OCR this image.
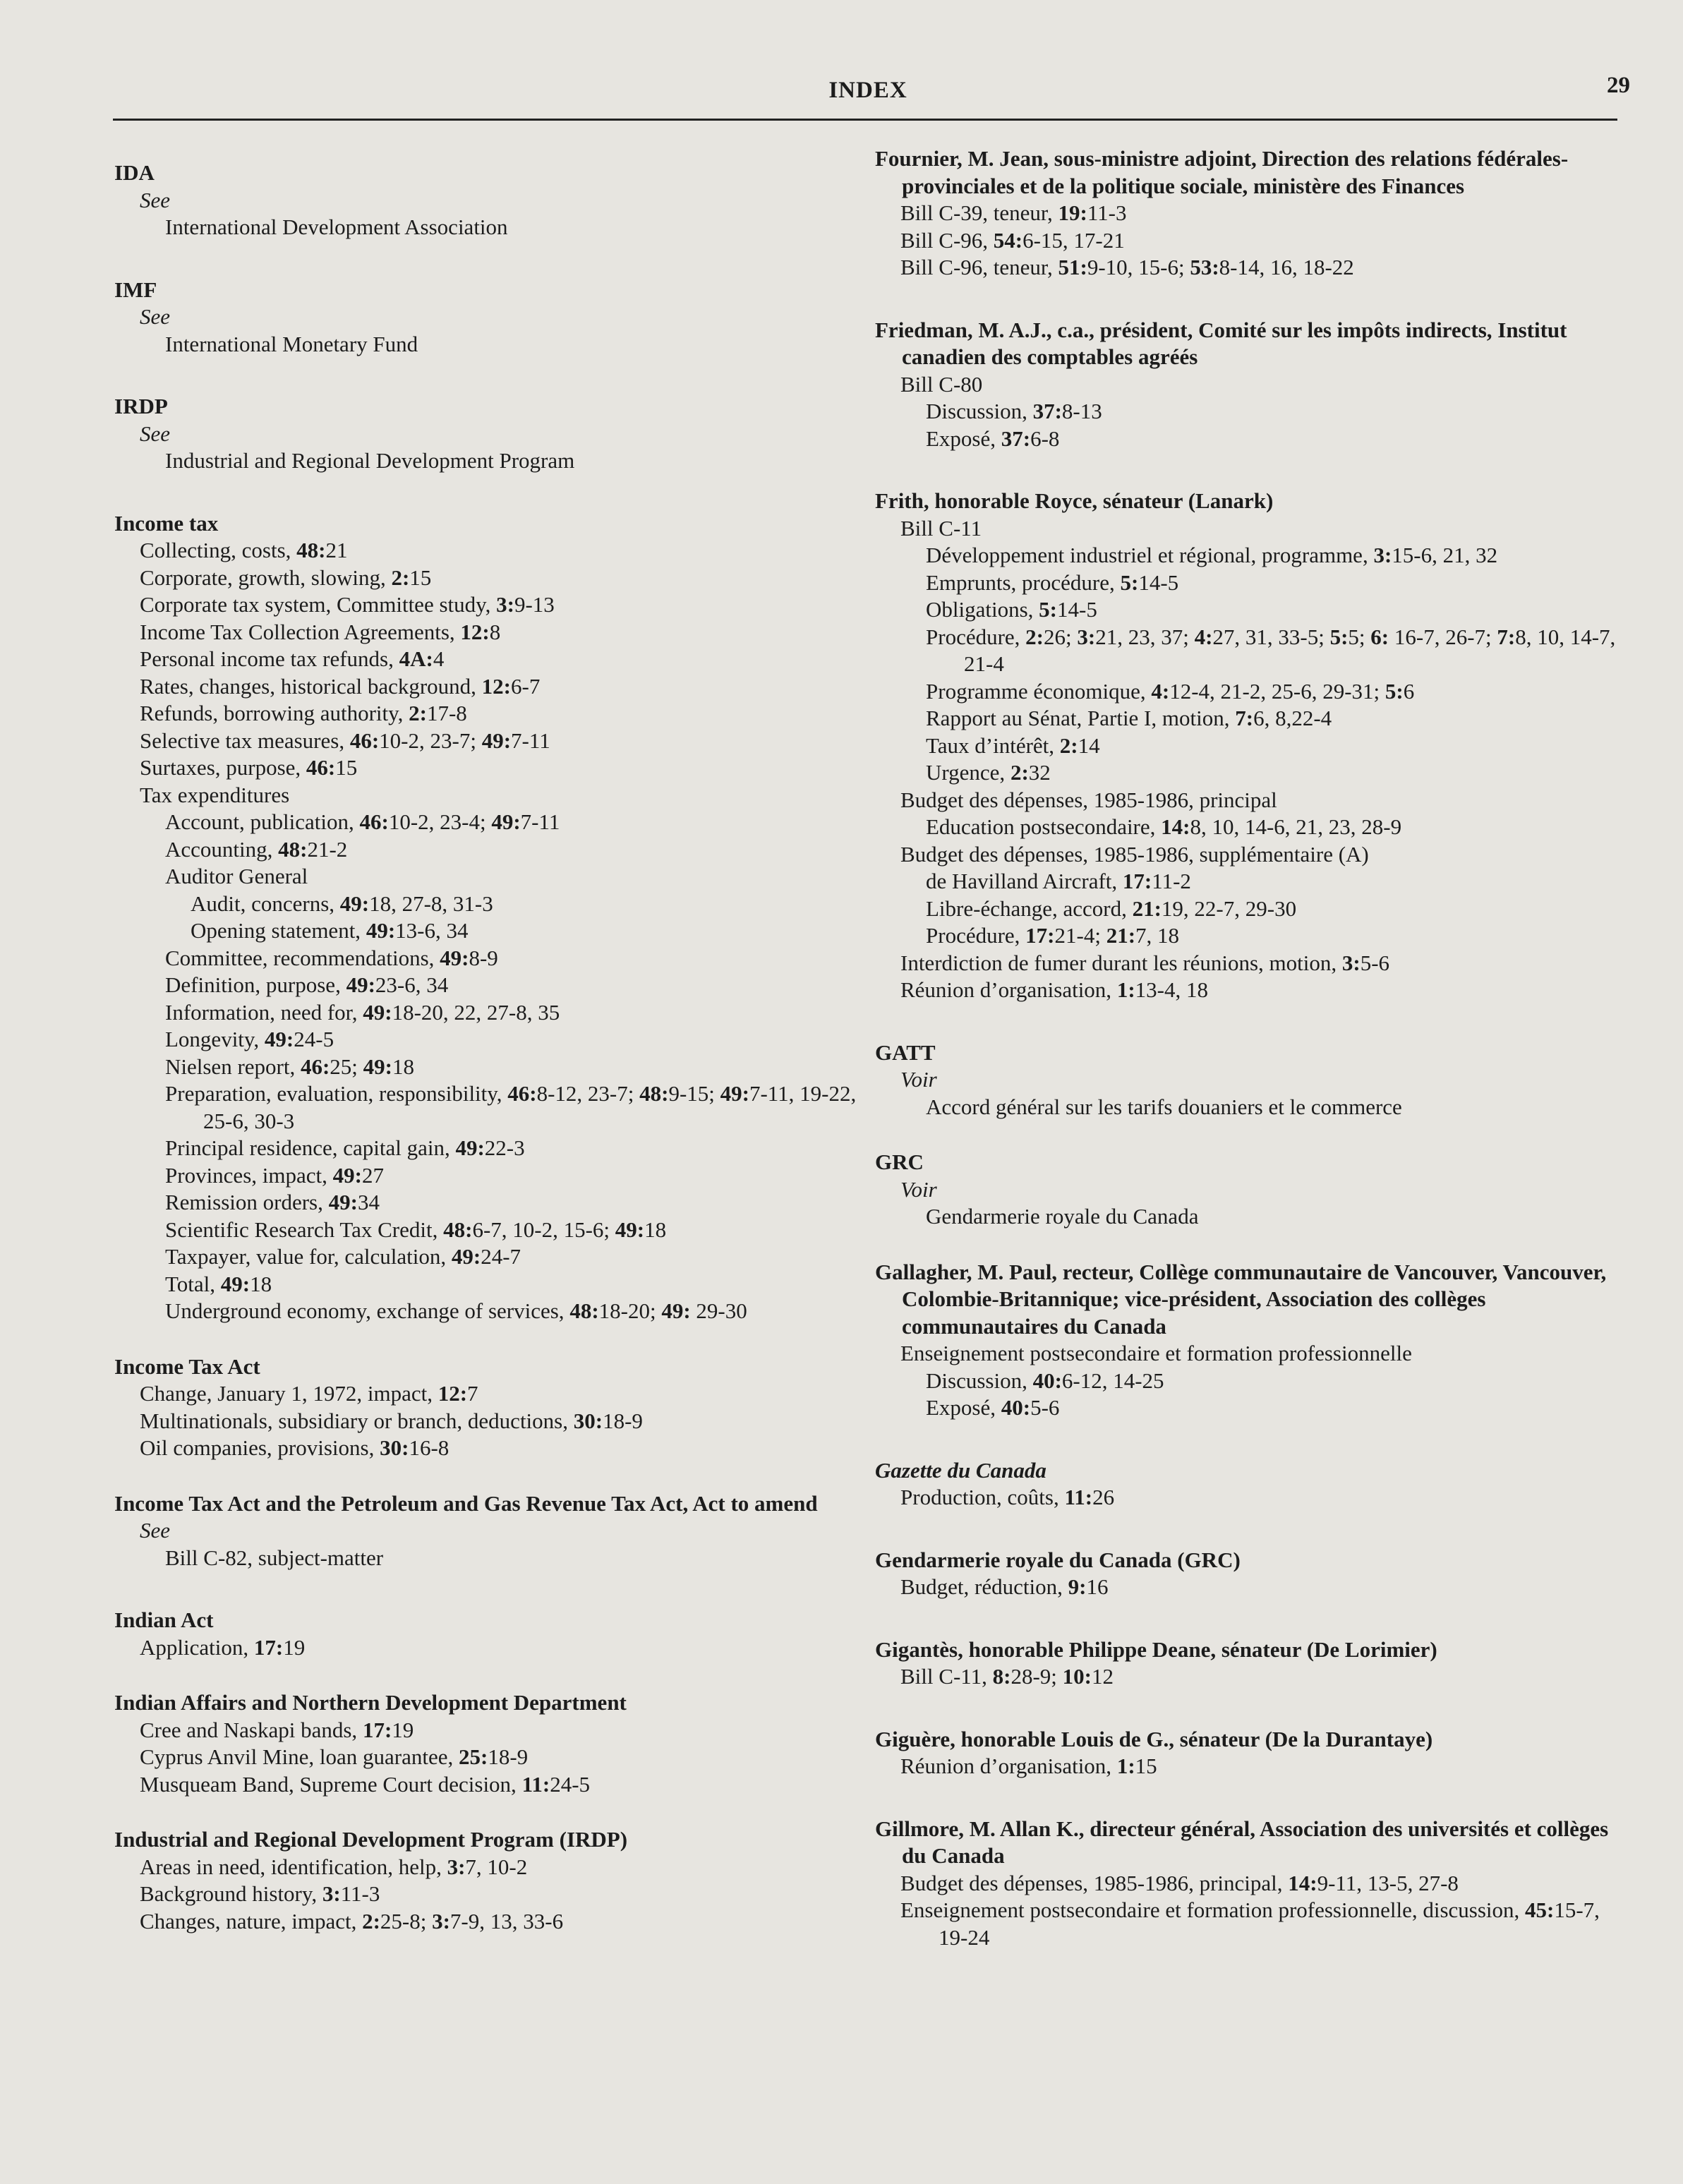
INDEX	29
IDA
See
International Development Association
IMF
See
International Monetary Fund
IRDP
See
Industrial and Regional Development Program
Income tax
Collecting, costs, 48:21
Corporate, growth, slowing, 2:15
Corporate tax system, Committee study, 3:9-13
Income Tax Collection Agreements, 12:8
Personal income tax refunds, 4A:4
Rates, changes, historical background, 12:6-7
Refunds, borrowing authority, 2:17-8
Selective tax measures, 46:10-2, 23-7; 49:7-11
Surtaxes, purpose, 46:15
Tax expenditures
Account, publication, 46:10-2, 23-4; 49:7-11
Accounting, 48:21-2
Auditor General
Audit, concerns, 49:18, 27-8, 31-3
Opening statement, 49:13-6, 34
Committee, recommendations, 49:8-9
Definition, purpose, 49:23-6, 34
Information, need for, 49:18-20, 22, 27-8, 35
Longevity, 49:24-5
Nielsen report, 46:25; 49:18
Preparation, evaluation, responsibility, 46:8-12, 23-7; 48:9-15; 49:7-11, 19-22, 25-6, 30-3
Principal residence, capital gain, 49:22-3
Provinces, impact, 49:27
Remission orders, 49:34
Scientific Research Tax Credit, 48:6-7, 10-2, 15-6; 49:18
Taxpayer, value for, calculation, 49:24-7
Total, 49:18
Underground economy, exchange of services, 48:18-20; 49: 29-30
Income Tax Act
Change, January 1, 1972, impact, 12:7
Multinationals, subsidiary or branch, deductions, 30:18-9
Oil companies, provisions, 30:16-8
Income Tax Act and the Petroleum and Gas Revenue Tax Act, Act to amend
See
Bill C-82, subject-matter
Indian Act
Application, 17:19
Indian Affairs and Northern Development Department
Cree and Naskapi bands, 17:19
Cyprus Anvil Mine, loan guarantee, 25:18-9
Musqueam Band, Supreme Court decision, 11:24-5
Industrial and Regional Development Program (IRDP)
Areas in need, identification, help, 3:7, 10-2
Background history, 3:11-3
Changes, nature, impact, 2:25-8; 3:7-9, 13, 33-6
Fournier, M. Jean, sous-ministre adjoint, Direction des relations fédérales-provinciales et de la politique sociale, ministère des Finances
Bill C-39, teneur, 19:11-3
Bill C-96, 54:6-15, 17-21
Bill C-96, teneur, 51:9-10, 15-6; 53:8-14, 16, 18-22
Friedman, M. A.J., c.a., président, Comité sur les impôts indirects, Institut canadien des comptables agréés
Bill C-80
Discussion, 37:8-13
Exposé, 37:6-8
Frith, honorable Royce, sénateur (Lanark)
Bill C-11
Développement industriel et régional, programme, 3:15-6, 21, 32
Emprunts, procédure, 5:14-5
Obligations, 5:14-5
Procédure, 2:26; 3:21, 23, 37; 4:27, 31, 33-5; 5:5; 6: 16-7, 26-7; 7:8, 10, 14-7, 21-4
Programme économique, 4:12-4, 21-2, 25-6, 29-31; 5:6
Rapport au Sénat, Partie I, motion, 7:6, 8,22-4
Taux d’intérêt, 2:14
Urgence, 2:32
Budget des dépenses, 1985-1986, principal
Education postsecondaire, 14:8, 10, 14-6, 21, 23, 28-9
Budget des dépenses, 1985-1986, supplémentaire (A)
de Havilland Aircraft, 17:11-2
Libre-échange, accord, 21:19, 22-7, 29-30
Procédure, 17:21-4; 21:7, 18
Interdiction de fumer durant les réunions, motion, 3:5-6
Réunion d’organisation, 1:13-4, 18
GATT
Voir
Accord général sur les tarifs douaniers et le commerce
GRC
Voir
Gendarmerie royale du Canada
Gallagher, M. Paul, recteur, Collège communautaire de Vancouver, Vancouver, Colombie-Britannique; vice-président, Association des collèges communautaires du Canada
Enseignement postsecondaire et formation professionnelle
Discussion, 40:6-12, 14-25
Exposé, 40:5-6
Gazette du Canada
Production, coûts, 11:26
Gendarmerie royale du Canada (GRC)
Budget, réduction, 9:16
Gigantès, honorable Philippe Deane, sénateur (De Lorimier)
Bill C-11, 8:28-9; 10:12
Giguère, honorable Louis de G., sénateur (De la Durantaye)
Réunion d’organisation, 1:15
Gillmore, M. Allan K., directeur général, Association des universités et collèges du Canada
Budget des dépenses, 1985-1986, principal, 14:9-11, 13-5, 27-8
Enseignement postsecondaire et formation professionnelle, discussion, 45:15-7, 19-24
